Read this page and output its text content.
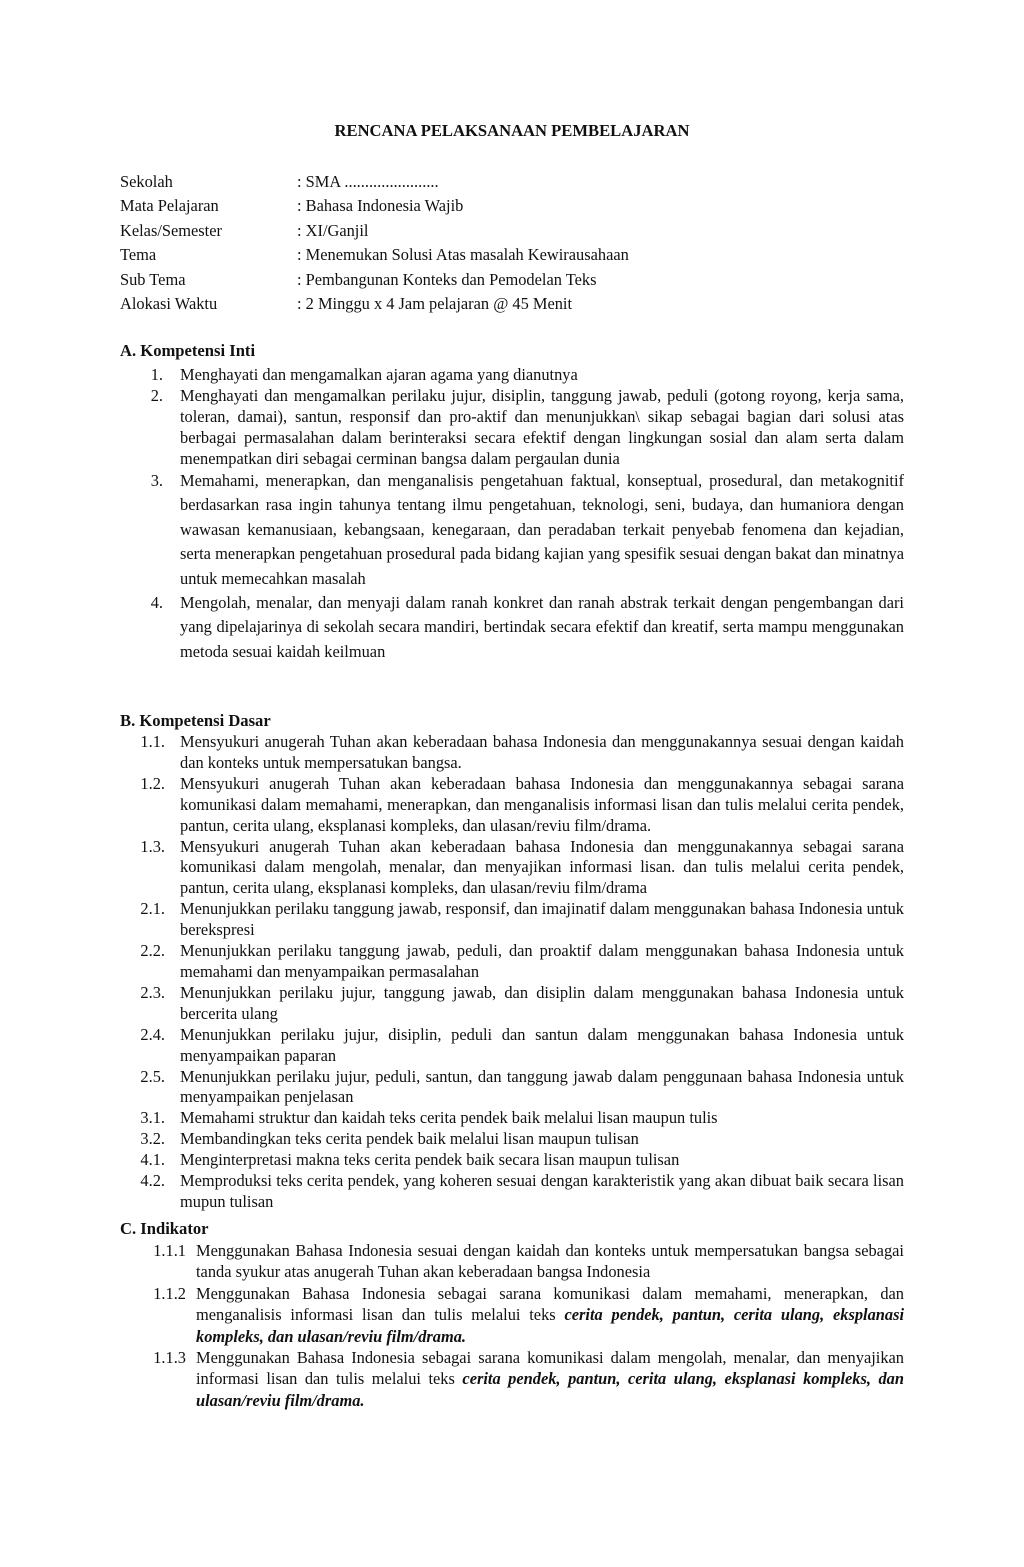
RENCANA PELAKSANAAN PEMBELAJARAN
Sekolah	: SMA .......................
Mata Pelajaran	: Bahasa Indonesia Wajib
Kelas/Semester	: XI/Ganjil
Tema	: Menemukan Solusi Atas masalah Kewirausahaan
Sub Tema	: Pembangunan Konteks dan Pemodelan Teks
Alokasi Waktu	: 2 Minggu x 4 Jam pelajaran @ 45 Menit
A. Kompetensi Inti
1.	Menghayati dan mengamalkan ajaran agama yang dianutnya
2.	Menghayati dan mengamalkan perilaku jujur, disiplin, tanggung jawab, peduli (gotong royong, kerja sama, toleran, damai), santun, responsif dan pro-aktif dan menunjukkan\ sikap sebagai bagian dari solusi atas berbagai permasalahan dalam berinteraksi secara efektif dengan lingkungan sosial dan alam serta dalam menempatkan diri sebagai cerminan bangsa dalam pergaulan dunia
3.	Memahami, menerapkan, dan menganalisis pengetahuan faktual, konseptual, prosedural, dan metakognitif berdasarkan rasa ingin tahunya tentang ilmu pengetahuan, teknologi, seni, budaya, dan humaniora dengan wawasan kemanusiaan, kebangsaan, kenegaraan, dan peradaban terkait penyebab fenomena dan kejadian, serta menerapkan pengetahuan prosedural pada bidang kajian yang spesifik sesuai dengan bakat dan minatnya untuk memecahkan masalah
4.	Mengolah, menalar, dan menyaji dalam ranah konkret dan ranah abstrak terkait dengan pengembangan dari yang dipelajarinya di sekolah secara mandiri, bertindak secara efektif dan kreatif, serta mampu menggunakan metoda sesuai kaidah keilmuan
B. Kompetensi Dasar
1.1. Mensyukuri anugerah Tuhan akan keberadaan bahasa Indonesia dan menggunakannya sesuai dengan kaidah dan konteks untuk mempersatukan bangsa.
1.2. Mensyukuri anugerah Tuhan akan keberadaan bahasa Indonesia dan menggunakannya sebagai sarana komunikasi dalam memahami, menerapkan, dan menganalisis informasi lisan dan tulis melalui cerita pendek, pantun, cerita ulang, eksplanasi kompleks, dan ulasan/reviu film/drama.
1.3. Mensyukuri anugerah Tuhan akan keberadaan bahasa Indonesia dan menggunakannya sebagai sarana komunikasi dalam mengolah, menalar, dan menyajikan informasi lisan. dan tulis melalui cerita pendek, pantun, cerita ulang, eksplanasi kompleks, dan ulasan/reviu film/drama
2.1. Menunjukkan perilaku tanggung jawab, responsif, dan imajinatif dalam menggunakan bahasa Indonesia untuk berekspresi
2.2. Menunjukkan perilaku tanggung jawab, peduli, dan proaktif dalam menggunakan bahasa Indonesia untuk memahami dan menyampaikan permasalahan
2.3. Menunjukkan perilaku jujur, tanggung jawab, dan disiplin dalam menggunakan bahasa Indonesia untuk bercerita ulang
2.4. Menunjukkan perilaku jujur, disiplin, peduli dan santun dalam menggunakan bahasa Indonesia untuk menyampaikan paparan
2.5. Menunjukkan perilaku jujur, peduli, santun, dan tanggung jawab dalam penggunaan bahasa Indonesia untuk menyampaikan penjelasan
3.1. Memahami struktur dan kaidah teks cerita pendek baik melalui lisan maupun tulis
3.2. Membandingkan teks cerita pendek baik melalui lisan maupun tulisan
4.1. Menginterpretasi makna teks cerita pendek baik secara lisan maupun tulisan
4.2. Memproduksi teks cerita pendek, yang koheren sesuai dengan karakteristik yang akan dibuat baik secara lisan mupun tulisan
C. Indikator
1.1.1 Menggunakan Bahasa Indonesia sesuai dengan kaidah dan konteks untuk mempersatukan bangsa sebagai tanda syukur atas anugerah Tuhan akan keberadaan bangsa Indonesia
1.1.2 Menggunakan Bahasa Indonesia sebagai sarana komunikasi dalam memahami, menerapkan, dan menganalisis informasi lisan dan tulis melalui teks cerita pendek, pantun, cerita ulang, eksplanasi kompleks, dan ulasan/reviu film/drama.
1.1.3 Menggunakan Bahasa Indonesia sebagai sarana komunikasi dalam mengolah, menalar, dan menyajikan informasi lisan dan tulis melalui teks cerita pendek, pantun, cerita ulang, eksplanasi kompleks, dan ulasan/reviu film/drama.
